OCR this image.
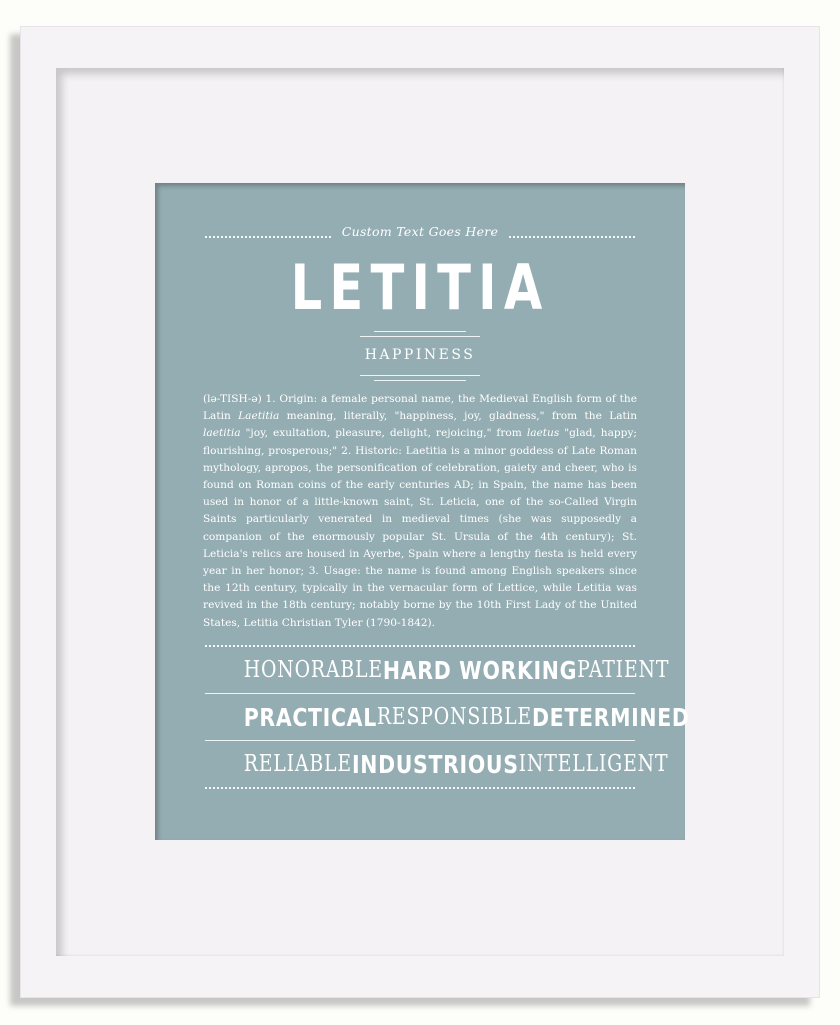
Custom Text Goes Here
LETITIA
HAPPINESS
(lə-TISH-ə) 1. Origin: a female personal name, the Medieval English form of the Latin Laetitia meaning, literally, "happiness, joy, gladness," from the Latin laetitia "joy, exultation, pleasure, delight, rejoicing," from laetus "glad, happy; flourishing, prosperous;" 2. Historic: Laetitia is a minor goddess of Late Roman mythology, apropos, the personification of celebration, gaiety and cheer, who is found on Roman coins of the early centuries AD; in Spain, the name has been used in honor of a little-known saint, St. Leticia, one of the so-Called Virgin Saints particularly venerated in medieval times (she was supposedly a companion of the enormously popular St. Ursula of the 4th century); St. Leticia's relics are housed in Ayerbe, Spain where a lengthy fiesta is held every year in her honor; 3. Usage: the name is found among English speakers since the 12th century, typically in the vernacular form of Lettice, while Letitia was revived in the 18th century; notably borne by the 10th First Lady of the United States, Letitia Christian Tyler (1790-1842).
HONORABLE HARD WORKING PATIENT
PRACTICAL RESPONSIBLE DETERMINED
RELIABLE INDUSTRIOUS INTELLIGENT
